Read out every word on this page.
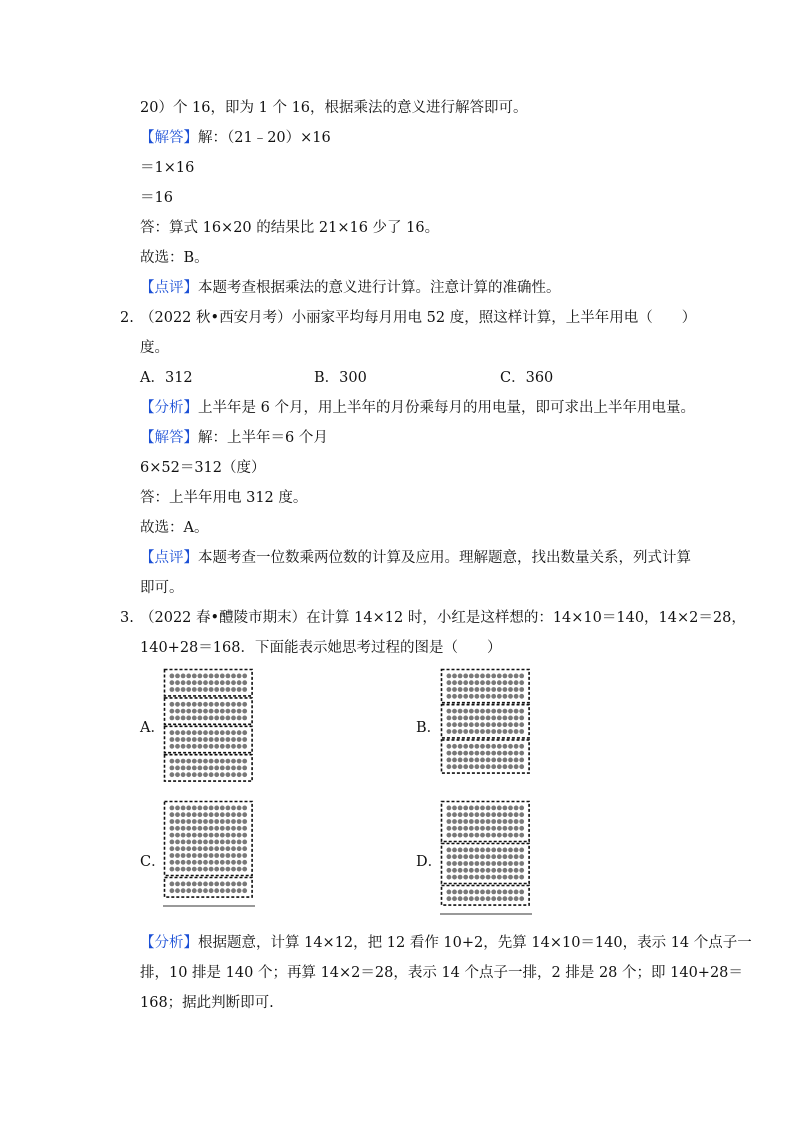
20）个 16，即为 1 个 16，根据乘法的意义进行解答即可。
【解答】解：（21﹣20）×16
＝1×16
＝16
答：算式 16×20 的结果比 21×16 少了 16。
故选：B。
【点评】本题考查根据乘法的意义进行计算。注意计算的准确性。
2. （2022 秋•西安月考）小丽家平均每月用电 52 度，照这样计算，上半年用电（　　）
度。
A．312	B．300	C．360
【分析】上半年是 6 个月，用上半年的月份乘每月的用电量，即可求出上半年用电量。
【解答】解：上半年＝6 个月
6×52＝312（度）
答：上半年用电 312 度。
故选：A。
【点评】本题考查一位数乘两位数的计算及应用。理解题意，找出数量关系，列式计算
即可。
3. （2022 春•醴陵市期末）在计算 14×12 时，小红是这样想的：14×10＝140，14×2＝28，
140+28＝168．下面能表示她思考过程的图是（　　）
A．	B．
C．	D．
【分析】根据题意，计算 14×12，把 12 看作 10+2，先算 14×10＝140，表示 14 个点子一
排，10 排是 140 个；再算 14×2＝28，表示 14 个点子一排，2 排是 28 个；即 140+28＝
168；据此判断即可.
